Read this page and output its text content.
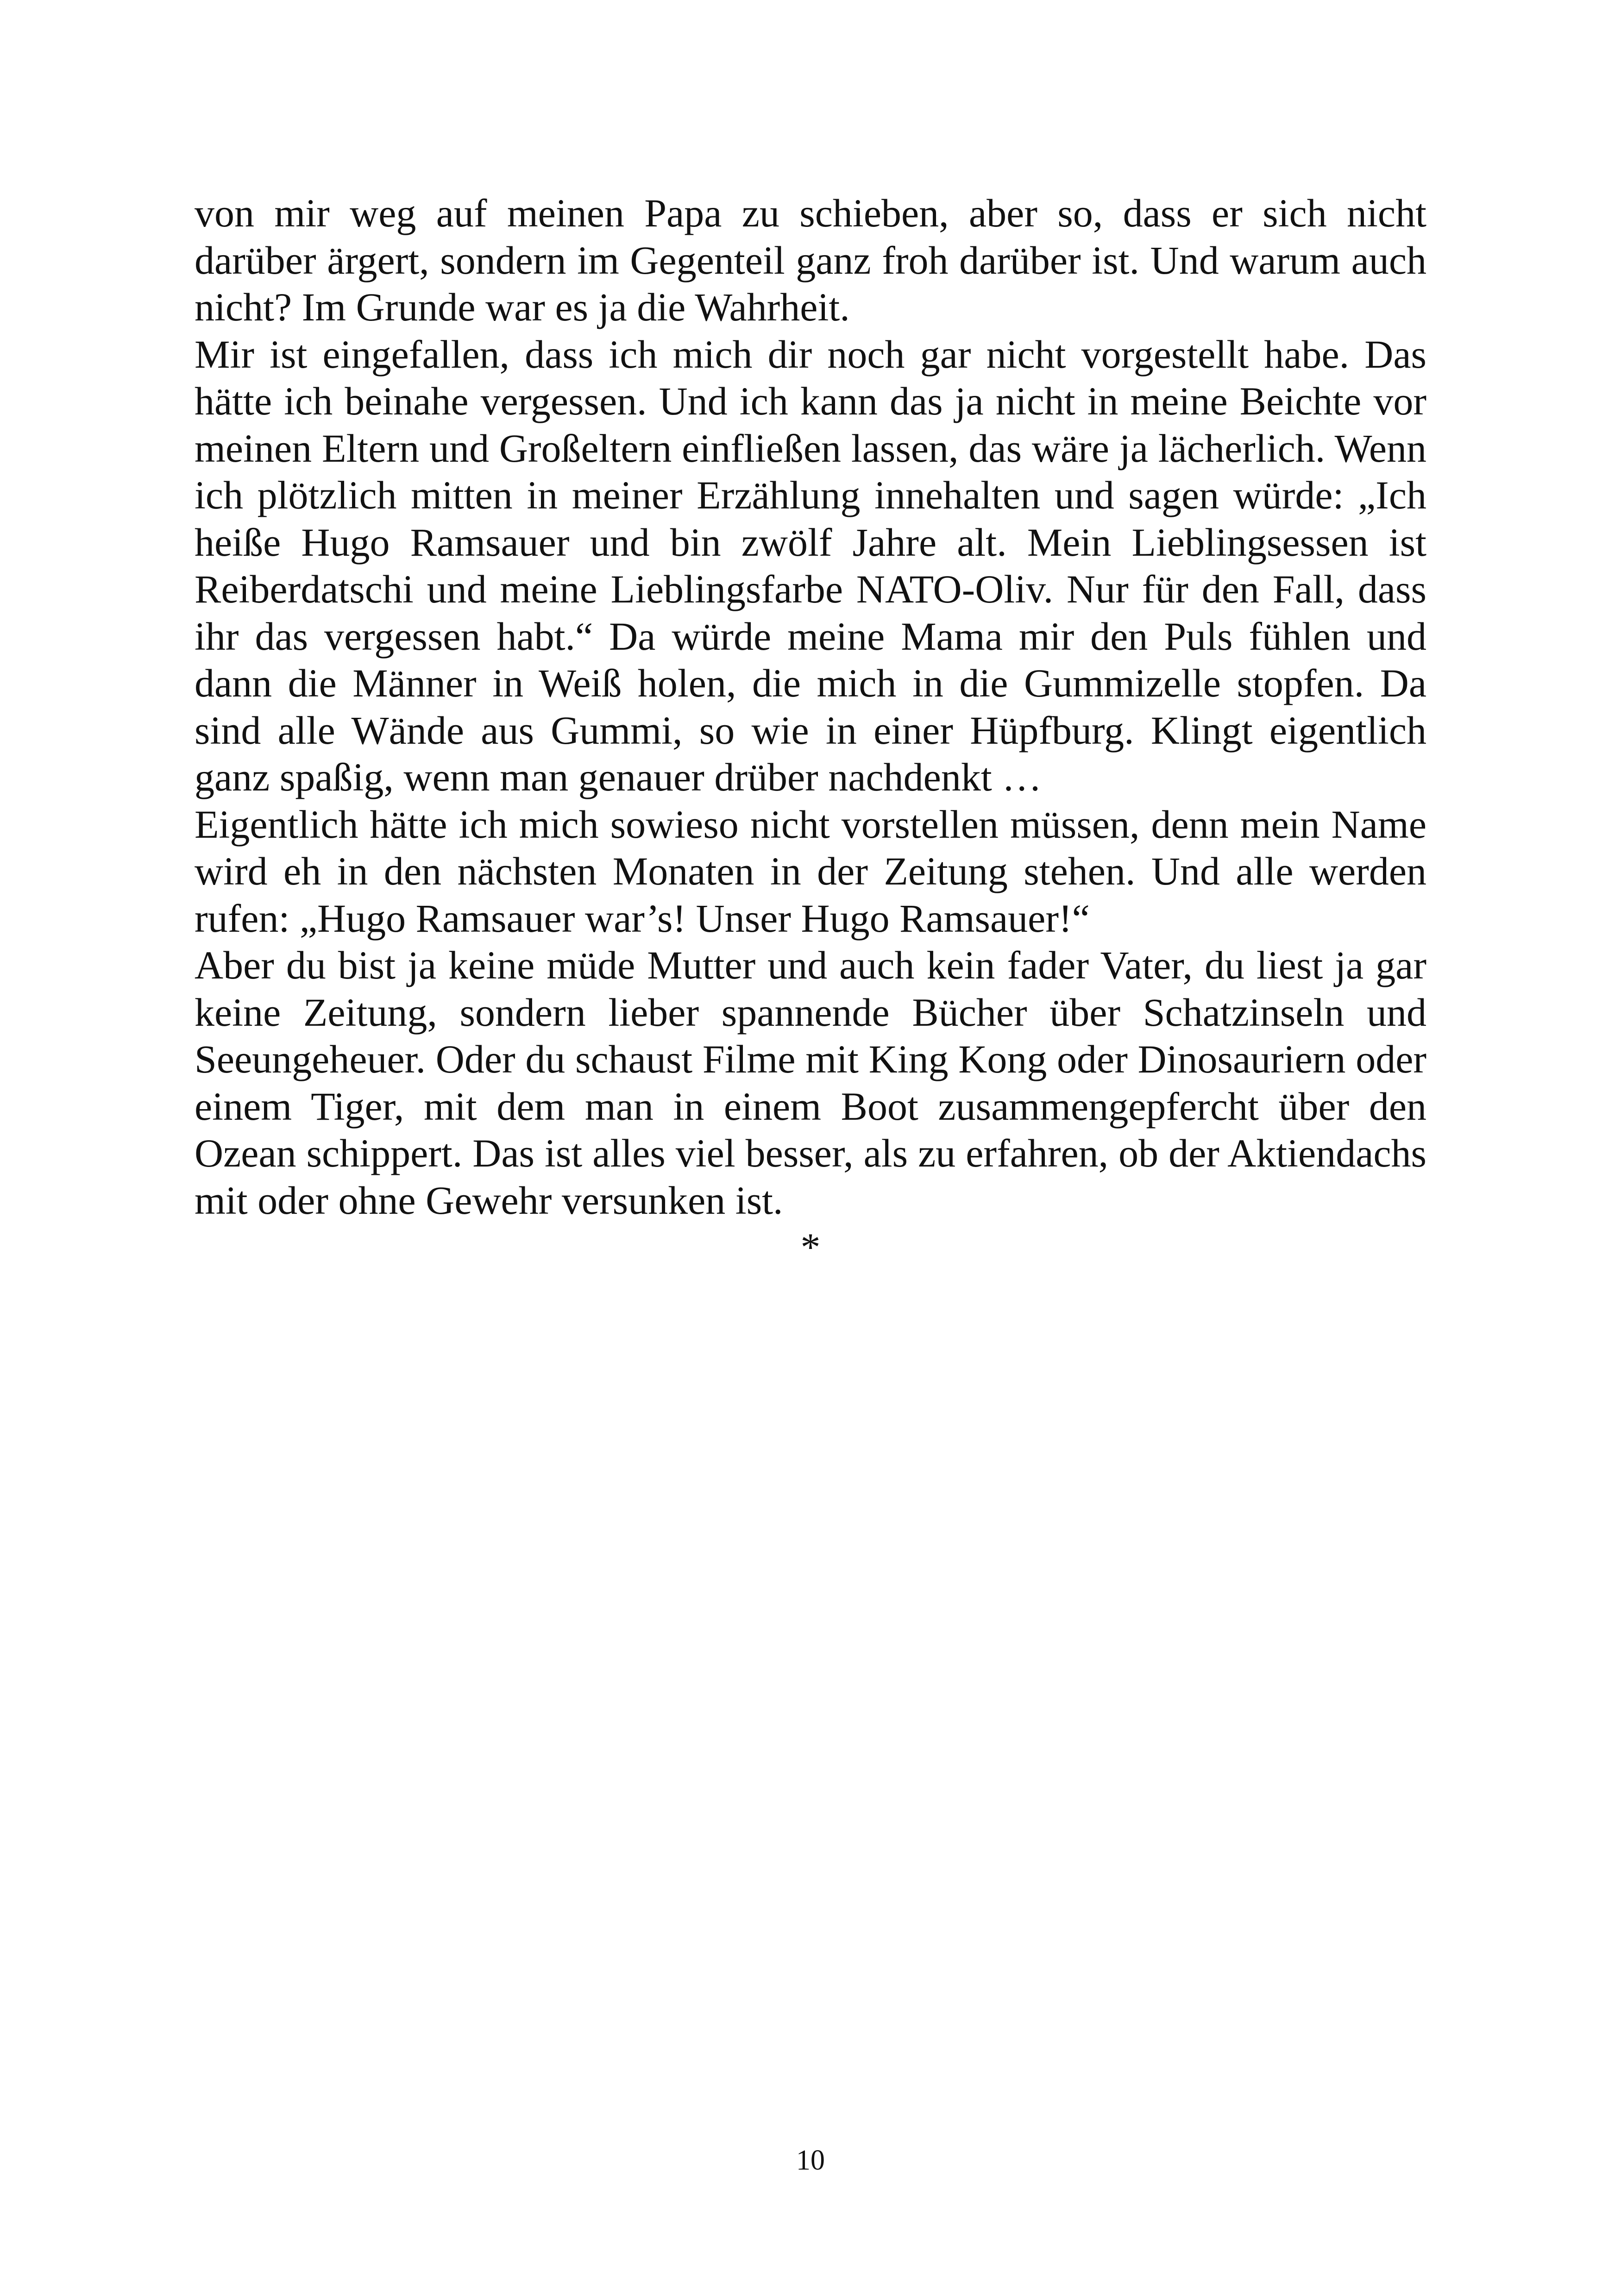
von mir weg auf meinen Papa zu schieben, aber so, dass er sich nicht darüber ärgert, sondern im Gegenteil ganz froh darüber ist. Und warum auch nicht? Im Grunde war es ja die Wahrheit.

Mir ist eingefallen, dass ich mich dir noch gar nicht vorgestellt habe. Das hätte ich beinahe vergessen. Und ich kann das ja nicht in meine Beichte vor meinen Eltern und Großeltern einfließen lassen, das wäre ja lächerlich. Wenn ich plötzlich mitten in meiner Erzählung innehalten und sagen würde: „Ich heiße Hugo Ramsauer und bin zwölf Jahre alt. Mein Lieblingsessen ist Reiberdatschi und meine Lieblingsfarbe NATO-Oliv. Nur für den Fall, dass ihr das vergessen habt.“ Da würde meine Mama mir den Puls fühlen und dann die Männer in Weiß holen, die mich in die Gummizelle stopfen. Da sind alle Wände aus Gummi, so wie in einer Hüpfburg. Klingt eigentlich ganz spaßig, wenn man genauer drüber nachdenkt …

Eigentlich hätte ich mich sowieso nicht vorstellen müssen, denn mein Name wird eh in den nächsten Monaten in der Zeitung stehen. Und alle werden rufen: „Hugo Ramsauer war’s! Unser Hugo Ramsauer!“

Aber du bist ja keine müde Mutter und auch kein fader Vater, du liest ja gar keine Zeitung, sondern lieber spannende Bücher über Schatzinseln und Seeungeheuer. Oder du schaust Filme mit King Kong oder Dinosauriern oder einem Tiger, mit dem man in einem Boot zusammengepfercht über den Ozean schippert. Das ist alles viel besser, als zu erfahren, ob der Aktiendachs mit oder ohne Gewehr versunken ist.

*

10
